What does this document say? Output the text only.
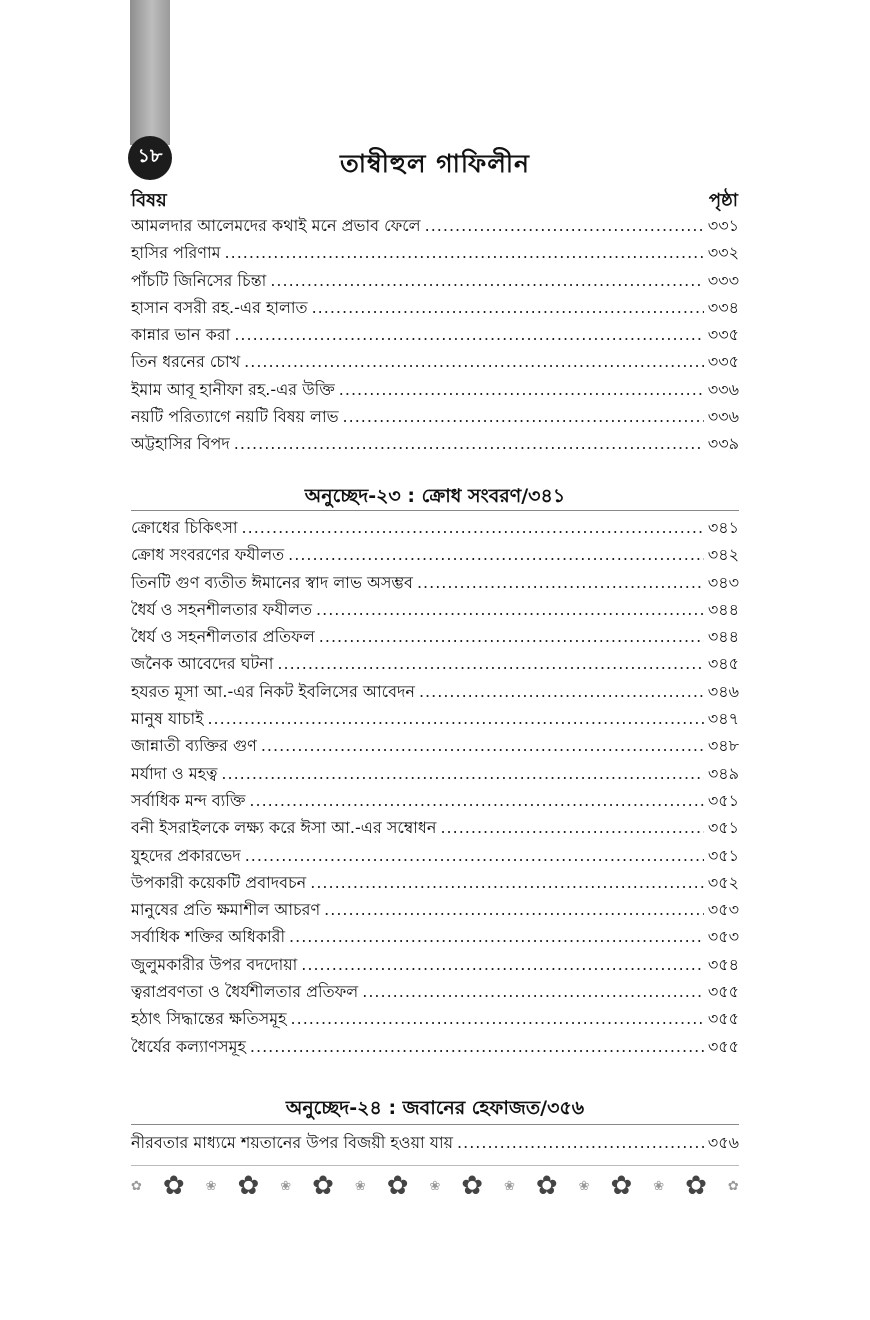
১৮	তাম্বীহুল গাফিলীন
বিষয়	পৃষ্ঠা
আমলদার আলেমদের কথাই মনে প্রভাব ফেলে .....	৩৩১
হাসির পরিণাম .....	৩৩২
পাঁচটি জিনিসের চিন্তা .....	৩৩৩
হাসান বসরী রহ.-এর হালাত .....	৩৩৪
কান্নার ভান করা .....	৩৩৫
তিন ধরনের চোখ .....	৩৩৫
ইমাম আবূ হানীফা রহ.-এর উক্তি .....	৩৩৬
নয়টি পরিত্যাগে নয়টি বিষয় লাভ .....	৩৩৬
অট্টহাসির বিপদ .....	৩৩৯
অনুচ্ছেদ-২৩ : ক্রোধ সংবরণ/৩৪১
ক্রোধের চিকিৎসা .....	৩৪১
ক্রোধ সংবরণের ফযীলত .....	৩৪২
তিনটি গুণ ব্যতীত ঈমানের স্বাদ লাভ অসম্ভব .....	৩৪৩
ধৈর্য ও সহনশীলতার ফযীলত .....	৩৪৪
ধৈর্য ও সহনশীলতার প্রতিফল .....	৩৪৪
জনৈক আবেদের ঘটনা .....	৩৪৫
হযরত মূসা আ.-এর নিকট ইবলিসের আবেদন .....	৩৪৬
মানুষ যাচাই .....	৩৪৭
জান্নাতী ব্যক্তির গুণ .....	৩৪৮
মর্যাদা ও মহত্ব .....	৩৪৯
সর্বাধিক মন্দ ব্যক্তি .....	৩৫১
বনী ইসরাইলকে লক্ষ্য করে ঈসা আ.-এর সম্বোধন .....	৩৫১
যুহদের প্রকারভেদ .....	৩৫১
উপকারী কয়েকটি প্রবাদবচন .....	৩৫২
মানুষের প্রতি ক্ষমাশীল আচরণ .....	৩৫৩
সর্বাধিক শক্তির অধিকারী .....	৩৫৩
জুলুমকারীর উপর বদদোয়া .....	৩৫৪
ত্বরাপ্রবণতা ও ধৈর্যশীলতার প্রতিফল .....	৩৫৫
হঠাৎ সিদ্ধান্তের ক্ষতিসমূহ .....	৩৫৫
ধৈর্যের কল্যাণসমূহ .....	৩৫৫
অনুচ্ছেদ-২৪ : জবানের হেফাজত/৩৫৬
নীরবতার মাধ্যমে শয়তানের উপর বিজয়ী হওয়া যায় .....	৩৫৬
✿ ✿ ❀ ✿ ❀ ✿ ❀ ✿ ❀ ✿ ❀ ✿ ❀ ✿ ❀ ✿ ✿
